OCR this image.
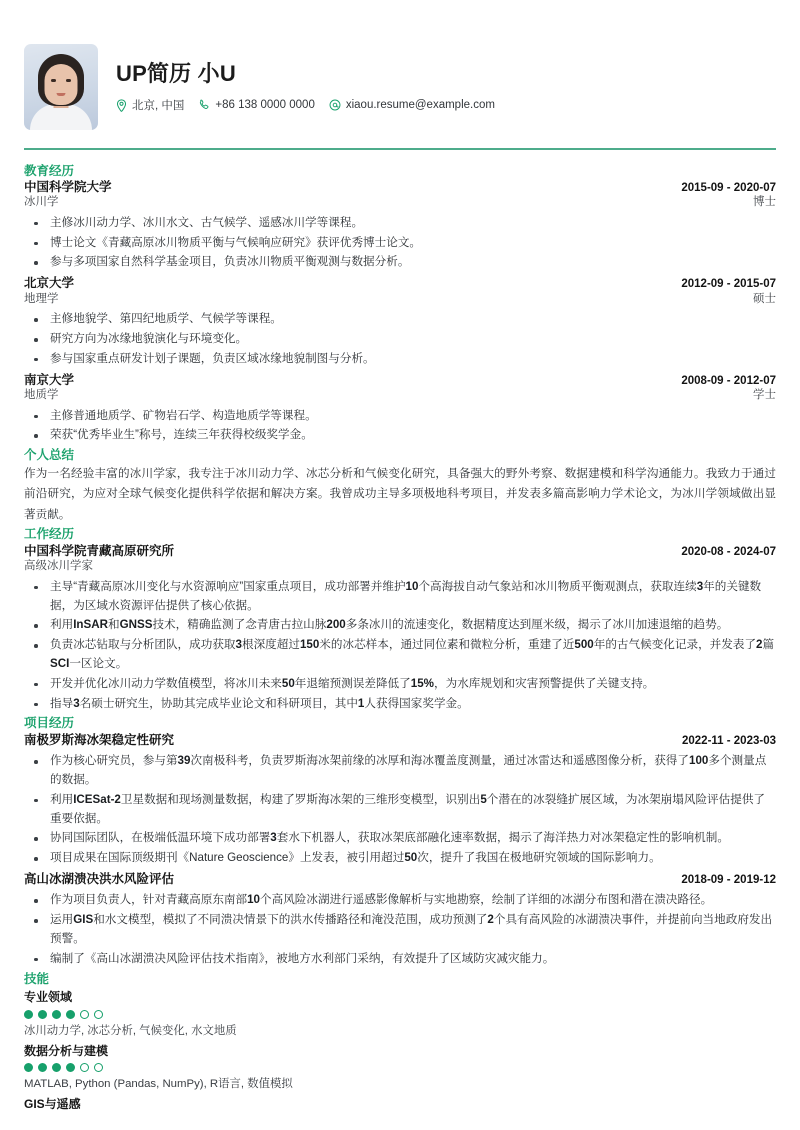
UP简历 小U
北京, 中国	+86 138 0000 0000	xiaou.resume@example.com
教育经历
中国科学院大学	2015-09 - 2020-07
冰川学	博士
主修冰川动力学、冰川水文、古气候学、遥感冰川学等课程。
博士论文《青藏高原冰川物质平衡与气候响应研究》获评优秀博士论文。
参与多项国家自然科学基金项目，负责冰川物质平衡观测与数据分析。
北京大学	2012-09 - 2015-07
地理学	硕士
主修地貌学、第四纪地质学、气候学等课程。
研究方向为冰缘地貌演化与环境变化。
参与国家重点研发计划子课题，负责区域冰缘地貌制图与分析。
南京大学	2008-09 - 2012-07
地质学	学士
主修普通地质学、矿物岩石学、构造地质学等课程。
荣获“优秀毕业生”称号，连续三年获得校级奖学金。
个人总结
作为一名经验丰富的冰川学家，我专注于冰川动力学、冰芯分析和气候变化研究，具备强大的野外考察、数据建模和科学沟通能力。我致力于通过前沿研究，为应对全球气候变化提供科学依据和解决方案。我曾成功主导多项极地科考项目，并发表多篇高影响力学术论文，为冰川学领域做出显著贡献。
工作经历
中国科学院青藏高原研究所	2020-08 - 2024-07
高级冰川学家
主导“青藏高原冰川变化与水资源响应”国家重点项目，成功部署并维护10个高海拔自动气象站和冰川物质平衡观测点，获取连续3年的关键数据，为区域水资源评估提供了核心依据。
利用InSAR和GNSS技术，精确监测了念青唐古拉山脉200多条冰川的流速变化，数据精度达到厘米级，揭示了冰川加速退缩的趋势。
负责冰芯钻取与分析团队，成功获取3根深度超过150米的冰芯样本，通过同位素和微粒分析，重建了近500年的古气候变化记录，并发表了2篇SCI一区论文。
开发并优化冰川动力学数值模型，将冰川未来50年退缩预测误差降低了15%，为水库规划和灾害预警提供了关键支持。
指导3名硕士研究生，协助其完成毕业论文和科研项目，其中1人获得国家奖学金。
项目经历
南极罗斯海冰架稳定性研究	2022-11 - 2023-03
作为核心研究员，参与第39次南极科考，负责罗斯海冰架前缘的冰厚和海冰覆盖度测量，通过冰雷达和遥感图像分析，获得了100多个测量点的数据。
利用ICESat-2卫星数据和现场测量数据，构建了罗斯海冰架的三维形变模型，识别出5个潜在的冰裂缝扩展区域，为冰架崩塌风险评估提供了重要依据。
协同国际团队，在极端低温环境下成功部署3套水下机器人，获取冰架底部融化速率数据，揭示了海洋热力对冰架稳定性的影响机制。
项目成果在国际顶级期刊《Nature Geoscience》上发表，被引用超过50次，提升了我国在极地研究领域的国际影响力。
高山冰湖溃决洪水风险评估	2018-09 - 2019-12
作为项目负责人，针对青藏高原东南部10个高风险冰湖进行遥感影像解析与实地勘察，绘制了详细的冰湖分布图和潜在溃决路径。
运用GIS和水文模型，模拟了不同溃决情景下的洪水传播路径和淹没范围，成功预测了2个具有高风险的冰湖溃决事件，并提前向当地政府发出预警。
编制了《高山冰湖溃决风险评估技术指南》，被地方水利部门采纳，有效提升了区域防灾减灾能力。
技能
专业领域
冰川动力学, 冰芯分析, 气候变化, 水文地质
数据分析与建模
MATLAB, Python (Pandas, NumPy), R语言, 数值模拟
GIS与遥感
